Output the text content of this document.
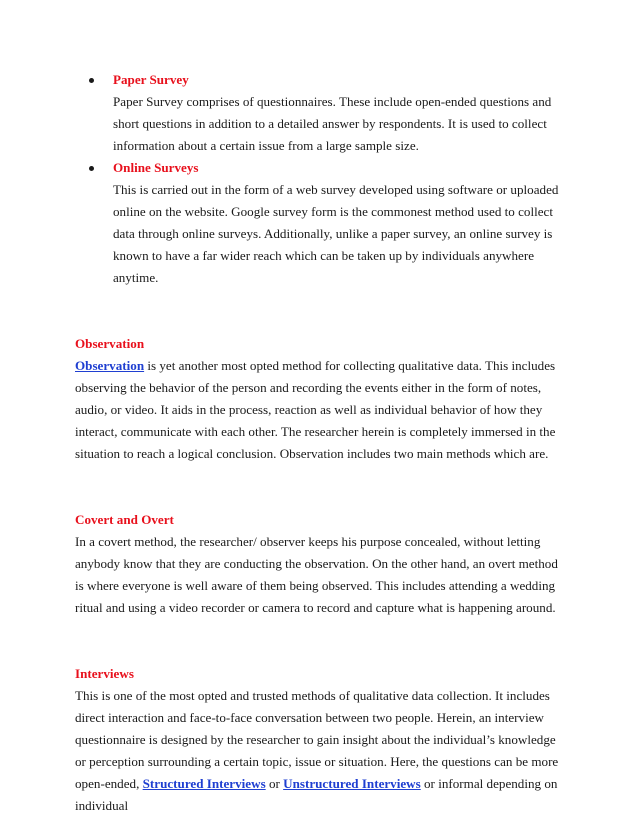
Paper Survey

Paper Survey comprises of questionnaires. These include open-ended questions and short questions in addition to a detailed answer by respondents. It is used to collect information about a certain issue from a large sample size.

Online Surveys

This is carried out in the form of a web survey developed using software or uploaded online on the website. Google survey form is the commonest method used to collect data through online surveys. Additionally, unlike a paper survey, an online survey is known to have a far wider reach which can be taken up by individuals anywhere anytime.

Observation

Observation is yet another most opted method for collecting qualitative data. This includes observing the behavior of the person and recording the events either in the form of notes, audio, or video. It aids in the process, reaction as well as individual behavior of how they interact, communicate with each other. The researcher herein is completely immersed in the situation to reach a logical conclusion. Observation includes two main methods which are.

Covert and Overt

In a covert method, the researcher/ observer keeps his purpose concealed, without letting anybody know that they are conducting the observation. On the other hand, an overt method is where everyone is well aware of them being observed. This includes attending a wedding ritual and using a video recorder or camera to record and capture what is happening around.

Interviews

This is one of the most opted and trusted methods of qualitative data collection. It includes direct interaction and face-to-face conversation between two people. Herein, an interview questionnaire is designed by the researcher to gain insight about the individual’s knowledge or perception surrounding a certain topic, issue or situation. Here, the questions can be more open-ended, Structured Interviews or Unstructured Interviews or informal depending on individual
